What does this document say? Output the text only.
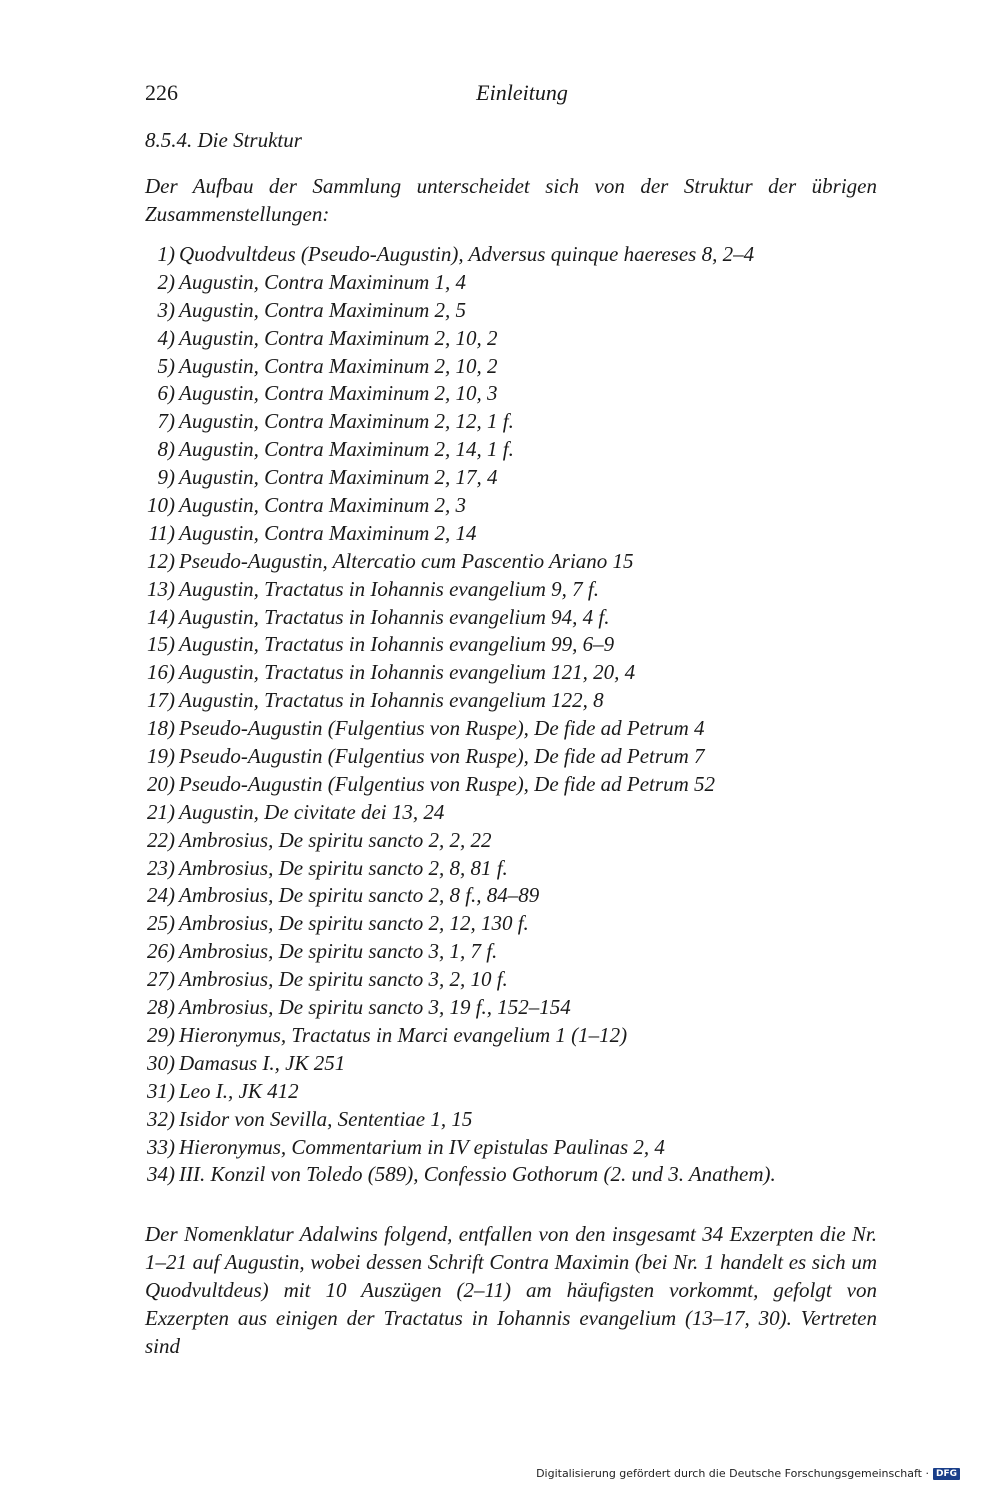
226	Einleitung
8.5.4. Die Struktur
Der Aufbau der Sammlung unterscheidet sich von der Struktur der übrigen Zusammenstellungen:
1) Quodvultdeus (Pseudo-Augustin), Adversus quinque haereses 8, 2–4
2) Augustin, Contra Maximinum 1, 4
3) Augustin, Contra Maximinum 2, 5
4) Augustin, Contra Maximinum 2, 10, 2
5) Augustin, Contra Maximinum 2, 10, 2
6) Augustin, Contra Maximinum 2, 10, 3
7) Augustin, Contra Maximinum 2, 12, 1 f.
8) Augustin, Contra Maximinum 2, 14, 1 f.
9) Augustin, Contra Maximinum 2, 17, 4
10) Augustin, Contra Maximinum 2, 3
11) Augustin, Contra Maximinum 2, 14
12) Pseudo-Augustin, Altercatio cum Pascentio Ariano 15
13) Augustin, Tractatus in Iohannis evangelium 9, 7 f.
14) Augustin, Tractatus in Iohannis evangelium 94, 4 f.
15) Augustin, Tractatus in Iohannis evangelium 99, 6–9
16) Augustin, Tractatus in Iohannis evangelium 121, 20, 4
17) Augustin, Tractatus in Iohannis evangelium 122, 8
18) Pseudo-Augustin (Fulgentius von Ruspe), De fide ad Petrum 4
19) Pseudo-Augustin (Fulgentius von Ruspe), De fide ad Petrum 7
20) Pseudo-Augustin (Fulgentius von Ruspe), De fide ad Petrum 52
21) Augustin, De civitate dei 13, 24
22) Ambrosius, De spiritu sancto 2, 2, 22
23) Ambrosius, De spiritu sancto 2, 8, 81 f.
24) Ambrosius, De spiritu sancto 2, 8 f., 84–89
25) Ambrosius, De spiritu sancto 2, 12, 130 f.
26) Ambrosius, De spiritu sancto 3, 1, 7 f.
27) Ambrosius, De spiritu sancto 3, 2, 10 f.
28) Ambrosius, De spiritu sancto 3, 19 f., 152–154
29) Hieronymus, Tractatus in Marci evangelium 1 (1–12)
30) Damasus I., JK 251
31) Leo I., JK 412
32) Isidor von Sevilla, Sententiae 1, 15
33) Hieronymus, Commentarium in IV epistulas Paulinas 2, 4
34) III. Konzil von Toledo (589), Confessio Gothorum (2. und 3. Anathem).
Der Nomenklatur Adalwins folgend, entfallen von den insgesamt 34 Exzerpten die Nr. 1–21 auf Augustin, wobei dessen Schrift Contra Maximin (bei Nr. 1 handelt es sich um Quodvultdeus) mit 10 Auszügen (2–11) am häufigsten vorkommt, gefolgt von Exzerpten aus einigen der Tractatus in Iohannis evangelium (13–17, 30). Vertreten sind
Digitalisierung gefördert durch die Deutsche Forschungsgemeinschaft · DFG
